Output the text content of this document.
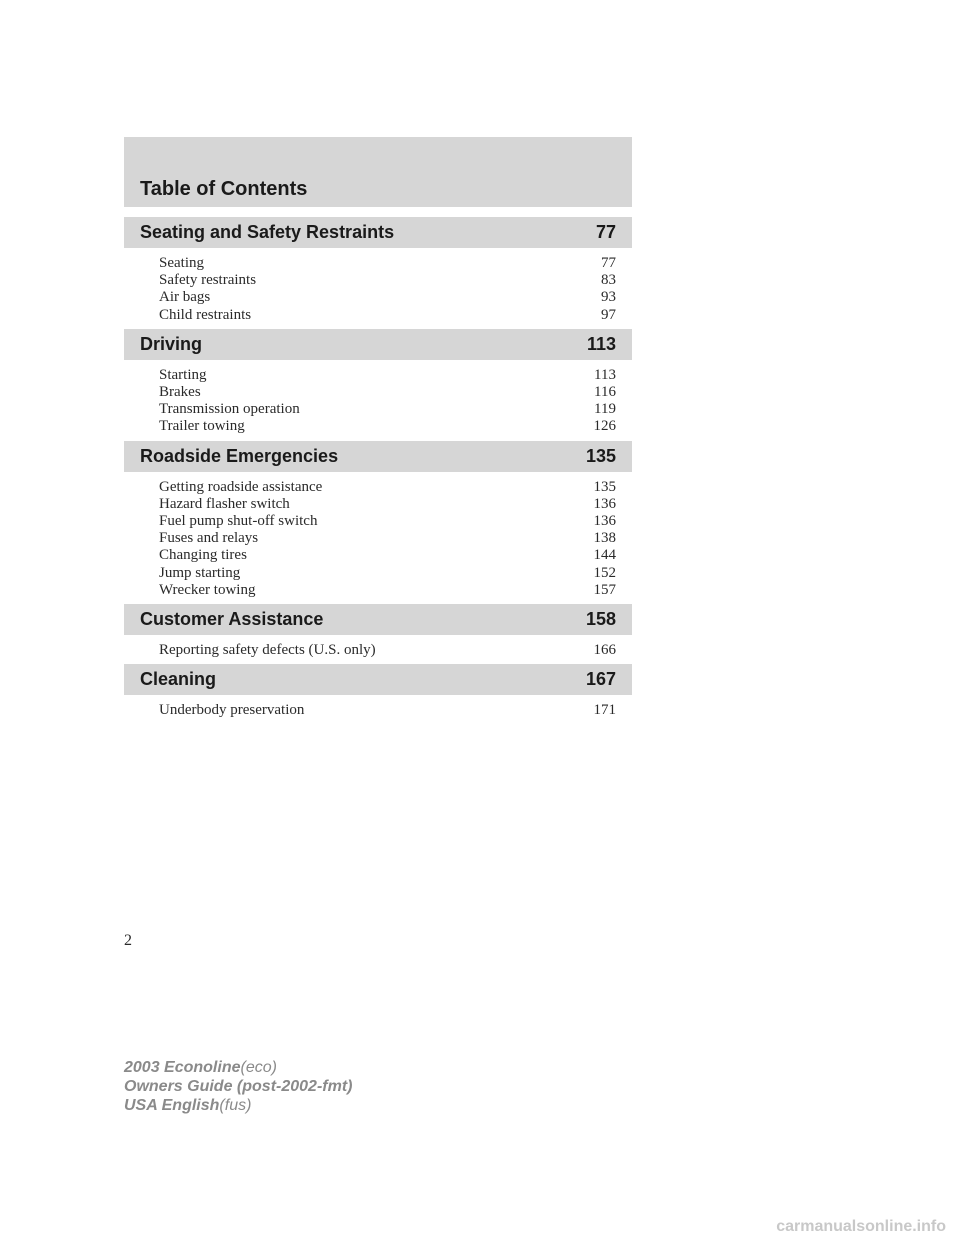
Table of Contents
Seating and Safety Restraints	77
Seating	77
Safety restraints	83
Air bags	93
Child restraints	97
Driving	113
Starting	113
Brakes	116
Transmission operation	119
Trailer towing	126
Roadside Emergencies	135
Getting roadside assistance	135
Hazard flasher switch	136
Fuel pump shut-off switch	136
Fuses and relays	138
Changing tires	144
Jump starting	152
Wrecker towing	157
Customer Assistance	158
Reporting safety defects (U.S. only)	166
Cleaning	167
Underbody preservation	171
2
2003 Econoline(eco)
Owners Guide (post-2002-fmt)
USA English(fus)
carmanualsonline.info
